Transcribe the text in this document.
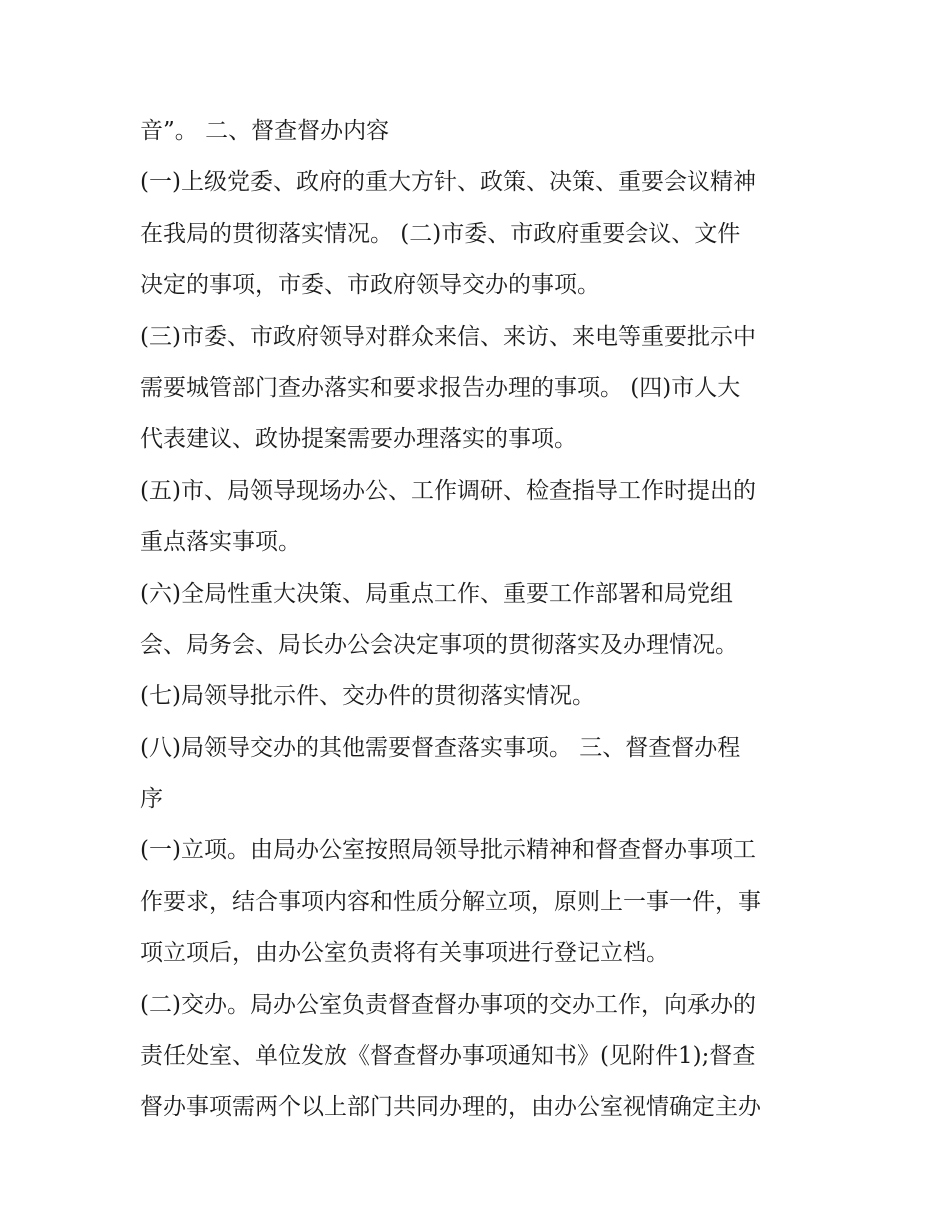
音”。 二、督查督办内容
(一)上级党委、政府的重大方针、政策、决策、重要会议精神
在我局的贯彻落实情况。 (二)市委、市政府重要会议、文件
决定的事项，市委、市政府领导交办的事项。
(三)市委、市政府领导对群众来信、来访、来电等重要批示中
需要城管部门查办落实和要求报告办理的事项。 (四)市人大
代表建议、政协提案需要办理落实的事项。
(五)市、局领导现场办公、工作调研、检查指导工作时提出的
重点落实事项。
(六)全局性重大决策、局重点工作、重要工作部署和局党组
会、局务会、局长办公会决定事项的贯彻落实及办理情况。
(七)局领导批示件、交办件的贯彻落实情况。
(八)局领导交办的其他需要督查落实事项。 三、督查督办程
序
(一)立项。由局办公室按照局领导批示精神和督查督办事项工
作要求，结合事项内容和性质分解立项，原则上一事一件，事
项立项后，由办公室负责将有关事项进行登记立档。
(二)交办。局办公室负责督查督办事项的交办工作，向承办的
责任处室、单位发放《督查督办事项通知书》(见附件1);督查
督办事项需两个以上部门共同办理的，由办公室视情确定主办
